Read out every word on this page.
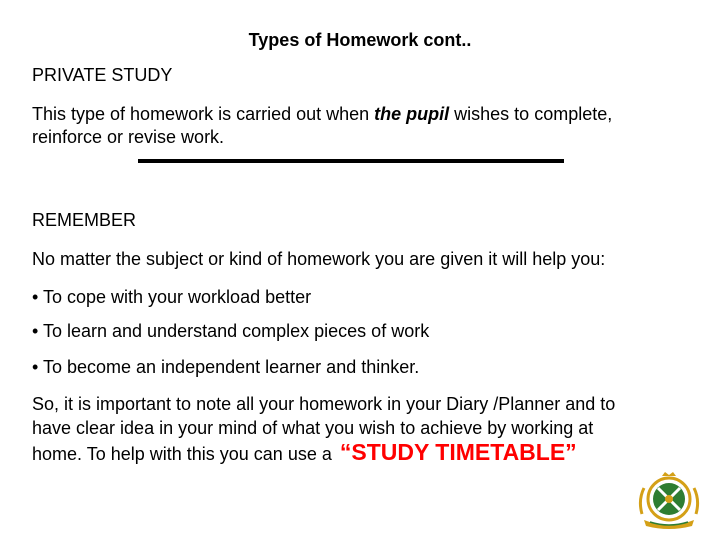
Types of Homework cont..
PRIVATE STUDY
This type of homework is carried out when the pupil wishes to complete,
reinforce or revise work.
REMEMBER
No matter the subject or kind of homework you are given it will help you:
• To cope with your workload better
• To learn and understand complex pieces of work
• To become an independent learner and thinker.
So, it is important to note all your homework in your Diary /Planner and to
have clear idea in your mind of what you wish to achieve by working at
home. To help with this you can use a “STUDY TIMETABLE”
